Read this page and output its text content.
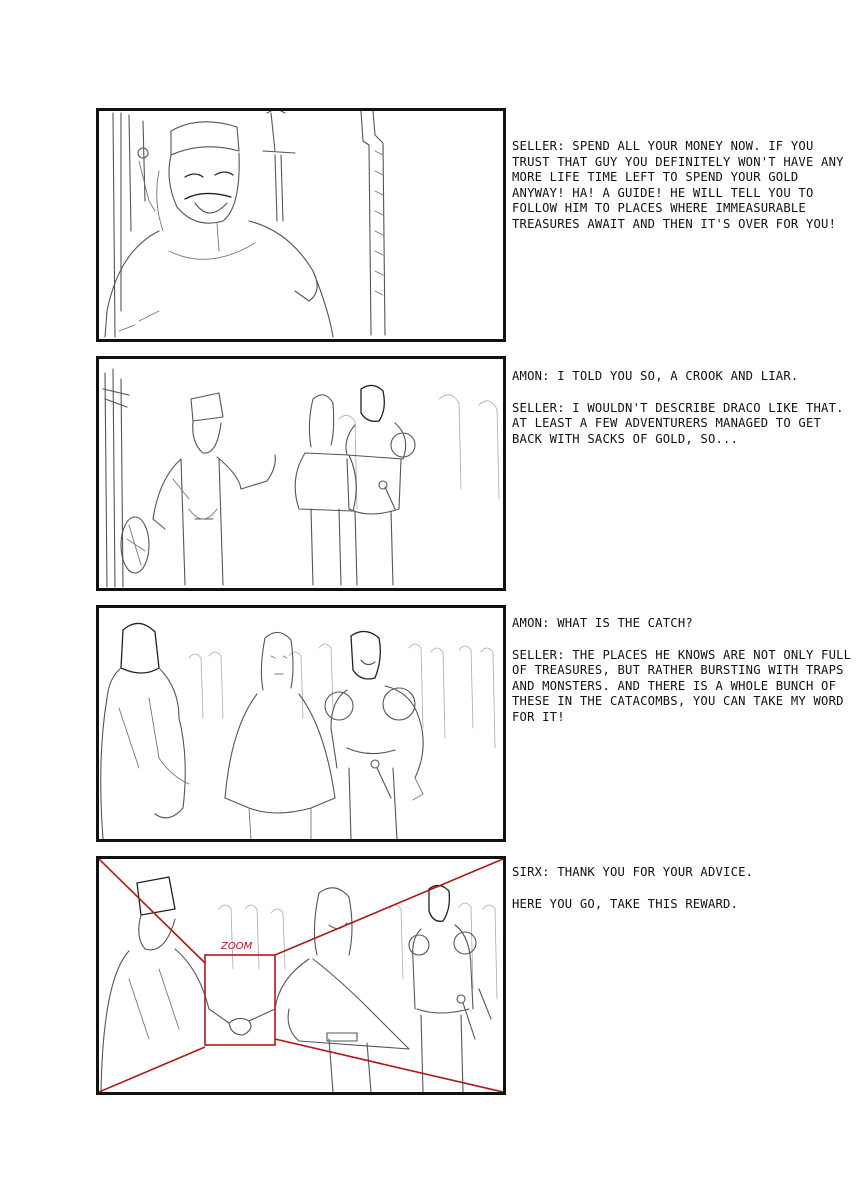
SELLER: SPEND ALL YOUR MONEY NOW. IF YOU TRUST THAT GUY YOU DEFINITELY WON'T HAVE ANY MORE LIFE TIME LEFT TO SPEND YOUR GOLD ANYWAY! HA! A GUIDE! HE WILL TELL YOU TO FOLLOW HIM TO PLACES WHERE IMMEASURABLE TREASURES AWAIT AND THEN IT'S OVER FOR YOU!

AMON: I TOLD YOU SO, A CROOK AND LIAR.

SELLER: I WOULDN'T DESCRIBE DRACO LIKE THAT. AT LEAST A FEW ADVENTURERS MANAGED TO GET BACK WITH SACKS OF GOLD, SO...

AMON: WHAT IS THE CATCH?

SELLER: THE PLACES HE KNOWS ARE NOT ONLY FULL OF TREASURES, BUT RATHER BURSTING WITH TRAPS AND MONSTERS. AND THERE IS A WHOLE BUNCH OF THESE IN THE CATACOMBS, YOU CAN TAKE MY WORD FOR IT!

ZOOM

SIRX: THANK YOU FOR YOUR ADVICE.

HERE YOU GO, TAKE THIS REWARD.
